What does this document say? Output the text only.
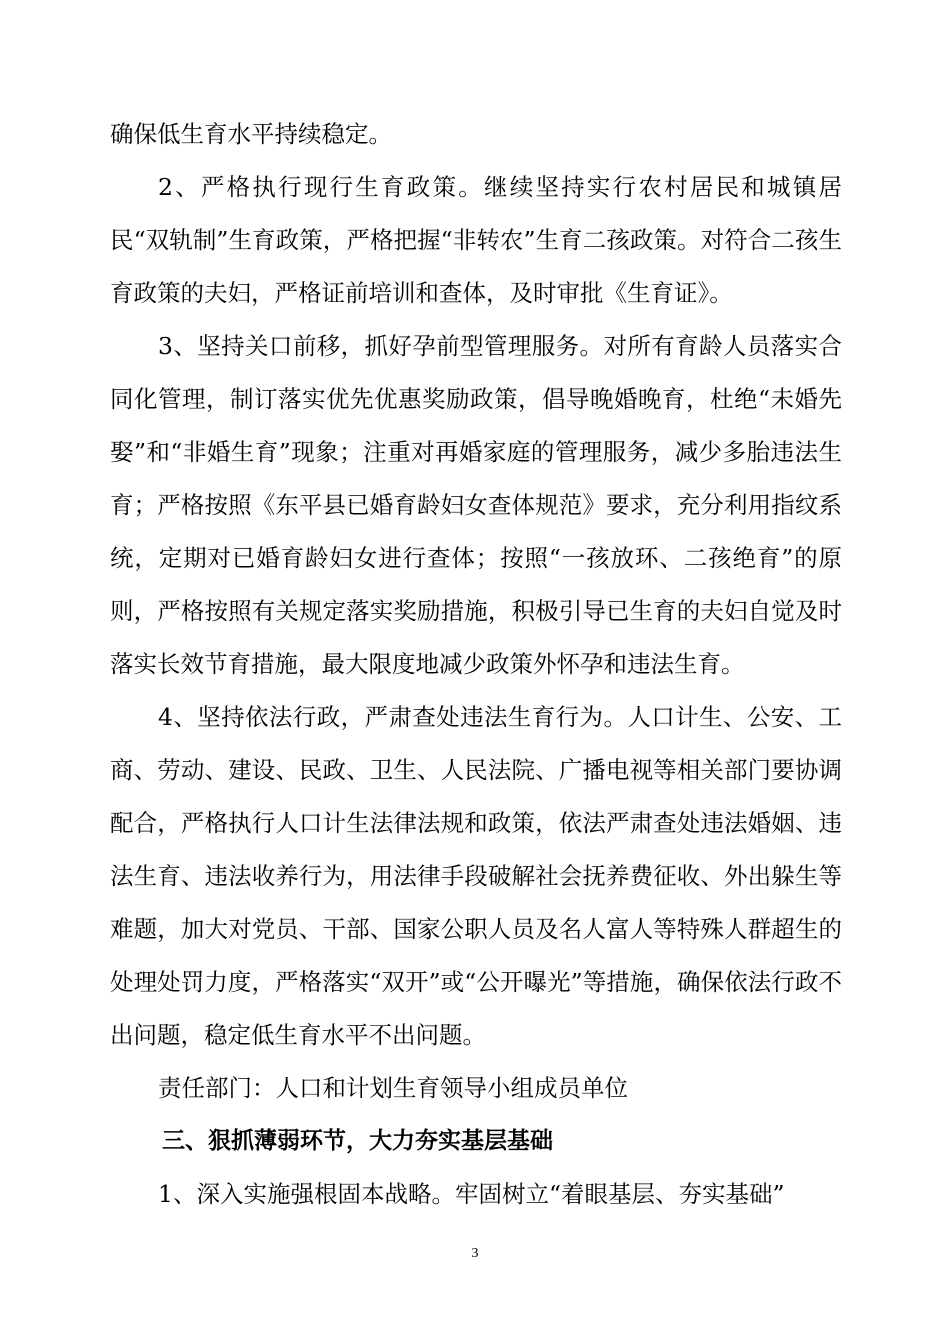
确保低生育水平持续稳定。

2、严格执行现行生育政策。继续坚持实行农村居民和城镇居民“双轨制”生育政策，严格把握“非转农”生育二孩政策。对符合二孩生育政策的夫妇，严格证前培训和查体，及时审批《生育证》。

3、坚持关口前移，抓好孕前型管理服务。对所有育龄人员落实合同化管理，制订落实优先优惠奖励政策，倡导晚婚晚育，杜绝“未婚先娶”和“非婚生育”现象；注重对再婚家庭的管理服务，减少多胎违法生育；严格按照《东平县已婚育龄妇女查体规范》要求，充分利用指纹系统，定期对已婚育龄妇女进行查体；按照“一孩放环、二孩绝育”的原则，严格按照有关规定落实奖励措施，积极引导已生育的夫妇自觉及时落实长效节育措施，最大限度地减少政策外怀孕和违法生育。

4、坚持依法行政，严肃查处违法生育行为。人口计生、公安、工商、劳动、建设、民政、卫生、人民法院、广播电视等相关部门要协调配合，严格执行人口计生法律法规和政策，依法严肃查处违法婚姻、违法生育、违法收养行为，用法律手段破解社会抚养费征收、外出躲生等难题，加大对党员、干部、国家公职人员及名人富人等特殊人群超生的处理处罚力度，严格落实“双开”或“公开曝光”等措施，确保依法行政不出问题，稳定低生育水平不出问题。

责任部门：人口和计划生育领导小组成员单位

三、狠抓薄弱环节，大力夯实基层基础

1、深入实施强根固本战略。牢固树立“着眼基层、夯实基础”

3
